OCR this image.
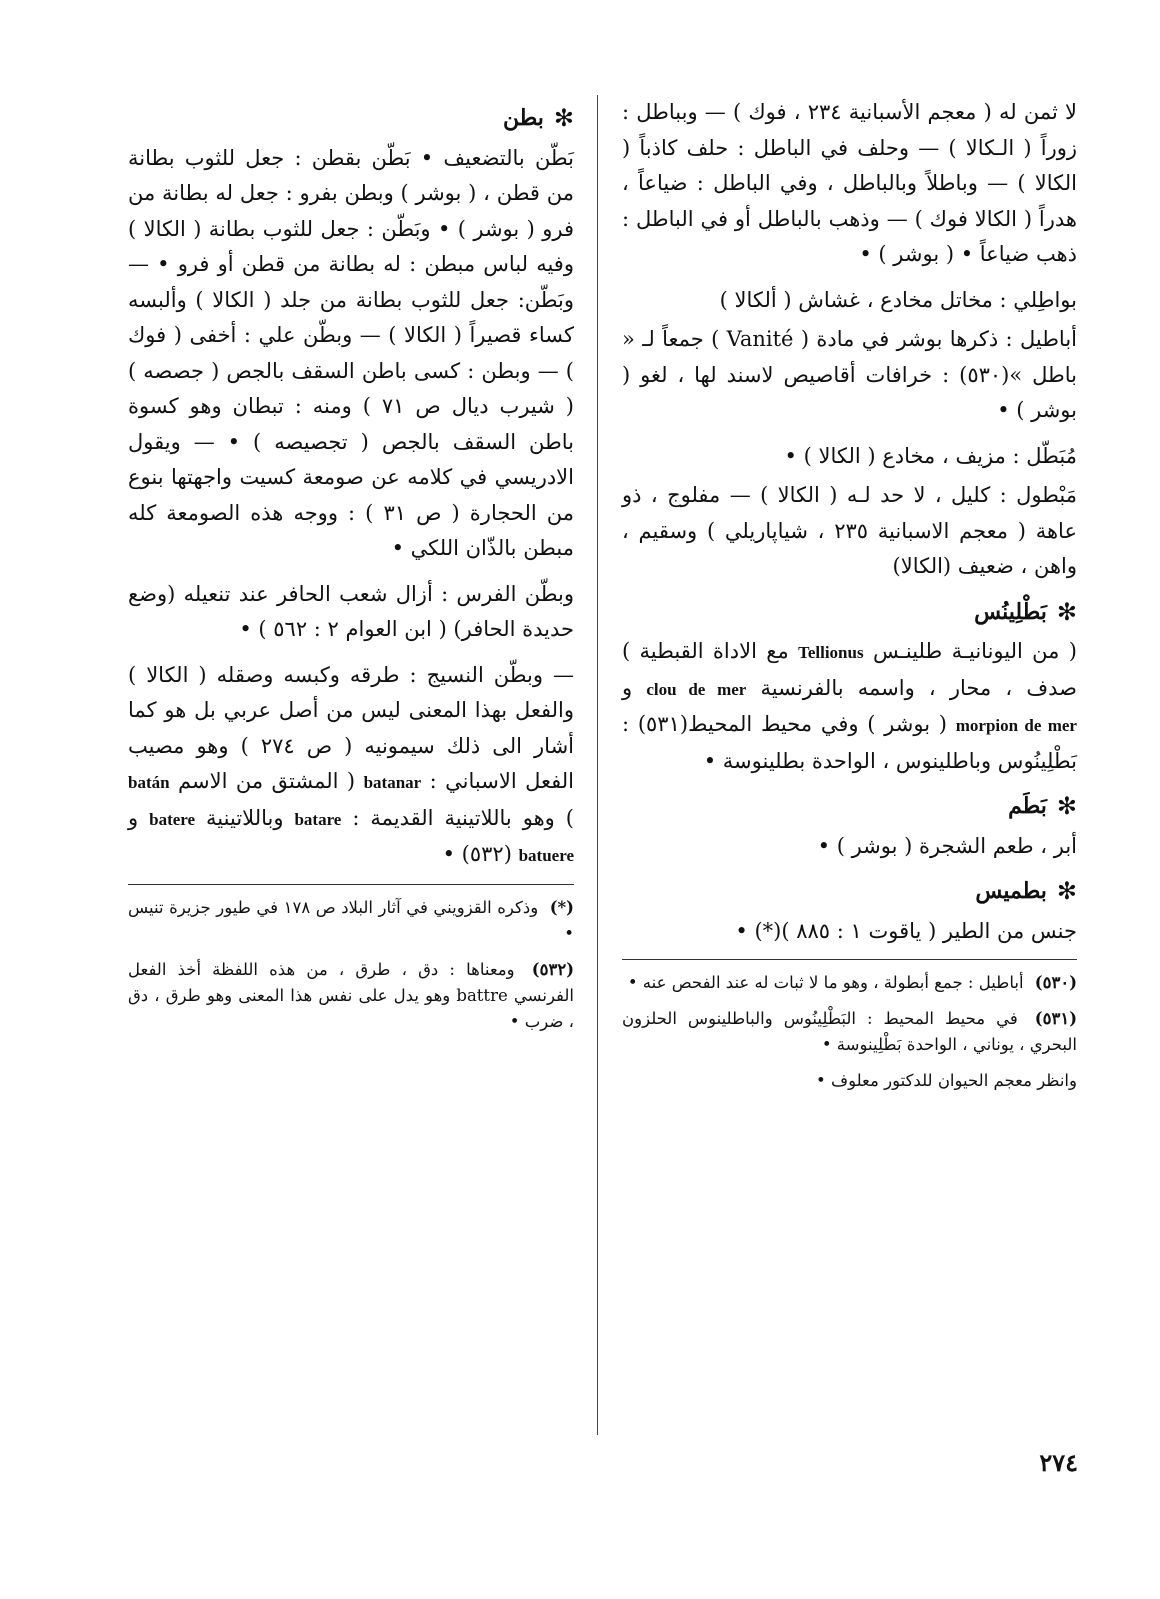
لا ثمن له ( معجم الأسبانية ٢٣٤ ، فوك ) — وبباطل : زوراً ( الـكالا ) — وحلف في الباطل : حلف كاذباً ( الكالا ) — وباطلاً وبالباطل ، وفي الباطل : ضياعاً ، هدراً ( الكالا فوك ) — وذهب بالباطل أو في الباطل : ذهب ضياعاً • ( بوشر ) •

بواطِلي : مخاتل مخادع ، غشاش ( ألكالا )

أباطيل : ذكرها بوشر في مادة ( Vanité ) جمعاً لـ « باطل »(٥٣٠) : خرافات أقاصيص لاسند لها ، لغو ( بوشر ) •

مُبَطّل : مزيف ، مخادع ( الكالا ) •

مَبْطول : كليل ، لا حد لـه ( الكالا ) — مفلوج ، ذو عاهة ( معجم الاسبانية ٢٣٥ ، شياپاريلي ) وسقيم ، واهن ، ضعيف (الكالا)

✻
بَطْلِينُس

( من اليونانيـة طلينـس Tellionus مع الاداة القبطية ) صدف ، محار ، واسمه بالفرنسية clou de mer و morpion de mer ( بوشر ) وفي محيط المحيط(٥٣١) : بَطْلِينُوس وباطلينوس ، الواحدة بطلينوسة •

✻
بَطَم

أبر ، طعم الشجرة ( بوشر ) •

✻
بطميس

جنس من الطير ( ياقوت ١ : ٨٨٥ )(*) •

(٥٣٠) أباطيل : جمع أبطولة ، وهو ما لا ثبات له عند الفحص عنه •

(٥٣١) في محيط المحيط : البَطْلِينُوس والباطلينوس الحلزون البحري ، يوناني ، الواحدة بَطْلِينوسة •

وانظر معجم الحيوان للدكتور معلوف •

✻
بطن

بَطّن بالتضعيف • بَطّن بقطن : جعل للثوب بطانة من قطن ، ( بوشر ) وبطن بفرو : جعل له بطانة من فرو ( بوشر ) • وبَطّن : جعل للثوب بطانة ( الكالا ) وفيه لباس مبطن : له بطانة من قطن أو فرو • — وبَطّن: جعل للثوب بطانة من جلد ( الكالا ) وألبسه كساء قصيراً ( الكالا ) — وبطّن علي : أخفى ( فوك ) — وبطن : كسى باطن السقف بالجص ( جصصه ) ( شيرب ديال ص ٧١ ) ومنه : تبطان وهو كسوة باطن السقف بالجص ( تجصيصه ) • — ويقول الادريسي في كلامه عن صومعة كسيت واجهتها بنوع من الحجارة ( ص ٣١ ) : ووجه هذه الصومعة كله مبطن بالذّان اللكي •

وبطّن الفرس : أزال شعب الحافر عند تنعيله (وضع حديدة الحافر) ( ابن العوام ٢ : ٥٦٢ ) •

— وبطّن النسيج : طرقه وكبسه وصقله ( الكالا ) والفعل بهذا المعنى ليس من أصل عربي بل هو كما أشار الى ذلك سيمونيه ( ص ٢٧٤ ) وهو مصيب الفعل الاسباني : batanar ( المشتق من الاسم batán ) وهو باللاتينية القديمة : batare وباللاتينية batere و batuere (٥٣٢) •

(*) وذكره القزويني في آثار البلاد ص ١٧٨ في طيور جزيرة تنيس •

(٥٣٢) ومعناها : دق ، طرق ، من هذه اللفظة أخذ الفعل الفرنسي battre وهو يدل على نفس هذا المعنى وهو طرق ، دق ، ضرب •

٢٧٤
